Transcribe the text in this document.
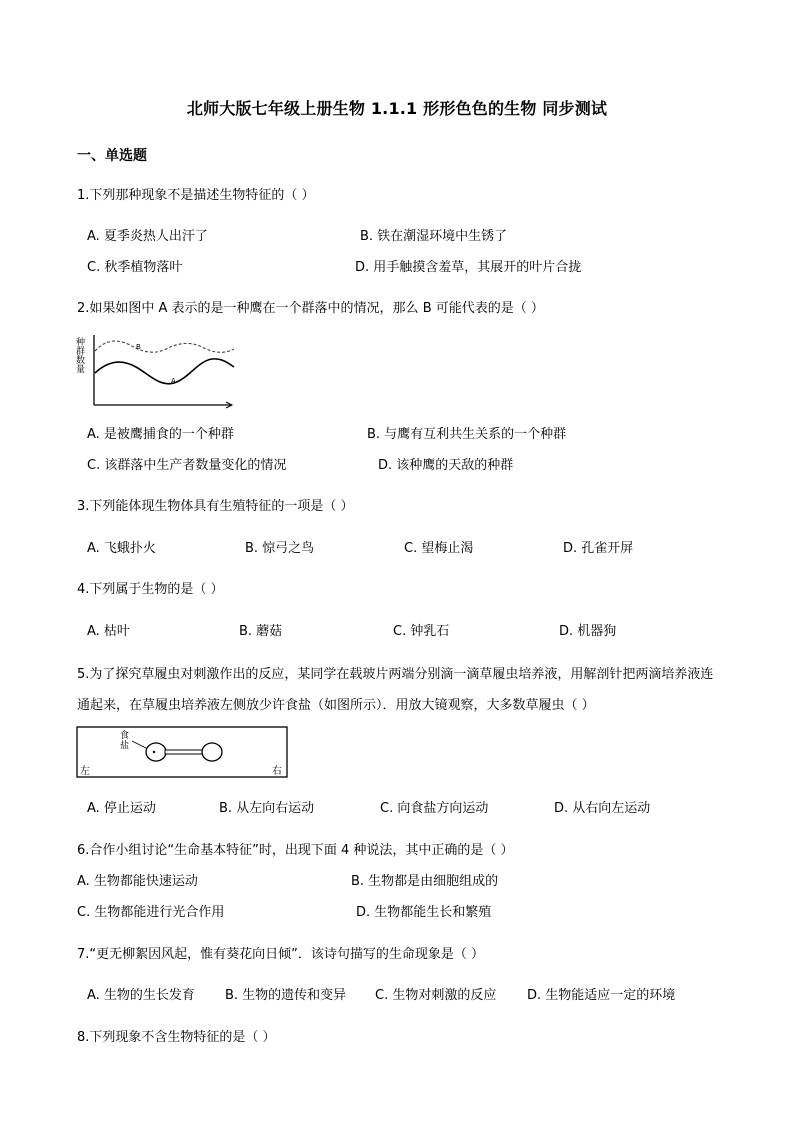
北师大版七年级上册生物 1.1.1 形形色色的生物 同步测试
一、单选题
1.下列那种现象不是描述生物特征的（ ）
A. 夏季炎热人出汗了	B. 铁在潮湿环境中生锈了
C. 秋季植物落叶	D. 用手触摸含羞草，其展开的叶片合拢
2.如果如图中 A 表示的是一种鹰在一个群落中的情况，那么 B 可能代表的是（ ）
种
群
数
量
B
A
A. 是被鹰捕食的一个种群	B. 与鹰有互利共生关系的一个种群
C. 该群落中生产者数量变化的情况	D. 该种鹰的天敌的种群
3.下列能体现生物体具有生殖特征的一项是（ ）
A. 飞蛾扑火	B. 惊弓之鸟	C. 望梅止渴	D. 孔雀开屏
4.下列属于生物的是（ ）
A. 枯叶	B. 蘑菇	C. 钟乳石	D. 机器狗
5.为了探究草履虫对刺激作出的反应，某同学在载玻片两端分别滴一滴草履虫培养液，用解剖针把两滴培养液连通起来，在草履虫培养液左侧放少许食盐（如图所示）．用放大镜观察，大多数草履虫（ ）
食
盐
左	右
A. 停止运动	B. 从左向右运动	C. 向食盐方向运动	D. 从右向左运动
6.合作小组讨论“生命基本特征”时，出现下面 4 种说法，其中正确的是（ ）
A. 生物都能快速运动	B. 生物都是由细胞组成的
C. 生物都能进行光合作用	D. 生物都能生长和繁殖
7.“更无柳絮因风起，惟有葵花向日倾”．该诗句描写的生命现象是（ ）
A. 生物的生长发育 B. 生物的遗传和变异 C. 生物对刺激的反应 D. 生物能适应一定的环境
8.下列现象不含生物特征的是（ ）
